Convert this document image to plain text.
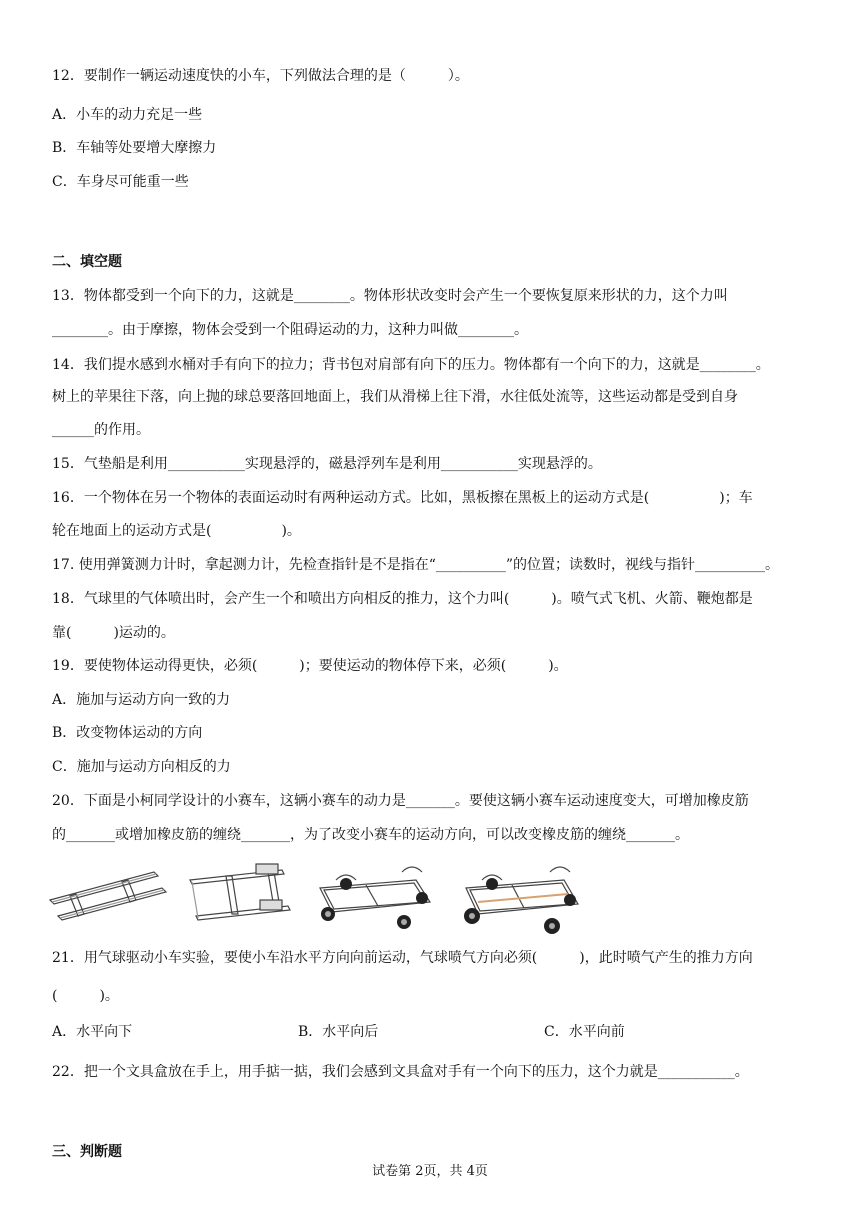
12．要制作一辆运动速度快的小车，下列做法合理的是（　　　）。
A．小车的动力充足一些
B．车轴等处要增大摩擦力
C．车身尽可能重一些
二、填空题
13．物体都受到一个向下的力，这就是________。物体形状改变时会产生一个要恢复原来形状的力，这个力叫
________。由于摩擦，物体会受到一个阻碍运动的力，这种力叫做________。
14．我们提水感到水桶对手有向下的拉力；背书包对肩部有向下的压力。物体都有一个向下的力，这就是________。
树上的苹果往下落，向上抛的球总要落回地面上，我们从滑梯上往下滑，水往低处流等，这些运动都是受到自身
______的作用。
15．气垫船是利用___________实现悬浮的，磁悬浮列车是利用___________实现悬浮的。
16．一个物体在另一个物体的表面运动时有两种运动方式。比如，黑板擦在黑板上的运动方式是(　　　　　)；车
轮在地面上的运动方式是(　　　　　)。
17. 使用弹簧测力计时，拿起测力计，先检查指针是不是指在“__________”的位置；读数时，视线与指针__________。
18．气球里的气体喷出时，会产生一个和喷出方向相反的推力，这个力叫(　　　)。喷气式飞机、火箭、鞭炮都是
靠(　　　)运动的。
19．要使物体运动得更快，必须(　　　)；要使运动的物体停下来，必须(　　　)。
A．施加与运动方向一致的力
B．改变物体运动的方向
C．施加与运动方向相反的力
20．下面是小柯同学设计的小赛车，这辆小赛车的动力是_______。要使这辆小赛车运动速度变大，可增加橡皮筋
的_______或增加橡皮筋的缠绕_______，为了改变小赛车的运动方向，可以改变橡皮筋的缠绕_______。
21．用气球驱动小车实验，要使小车沿水平方向向前运动，气球喷气方向必须(　　　)，此时喷气产生的推力方向
(　　　)。
A．水平向下	B．水平向后	C．水平向前
22．把一个文具盒放在手上，用手掂一掂，我们会感到文具盒对手有一个向下的压力，这个力就是___________。
三、判断题
试卷第 2页，共 4页
